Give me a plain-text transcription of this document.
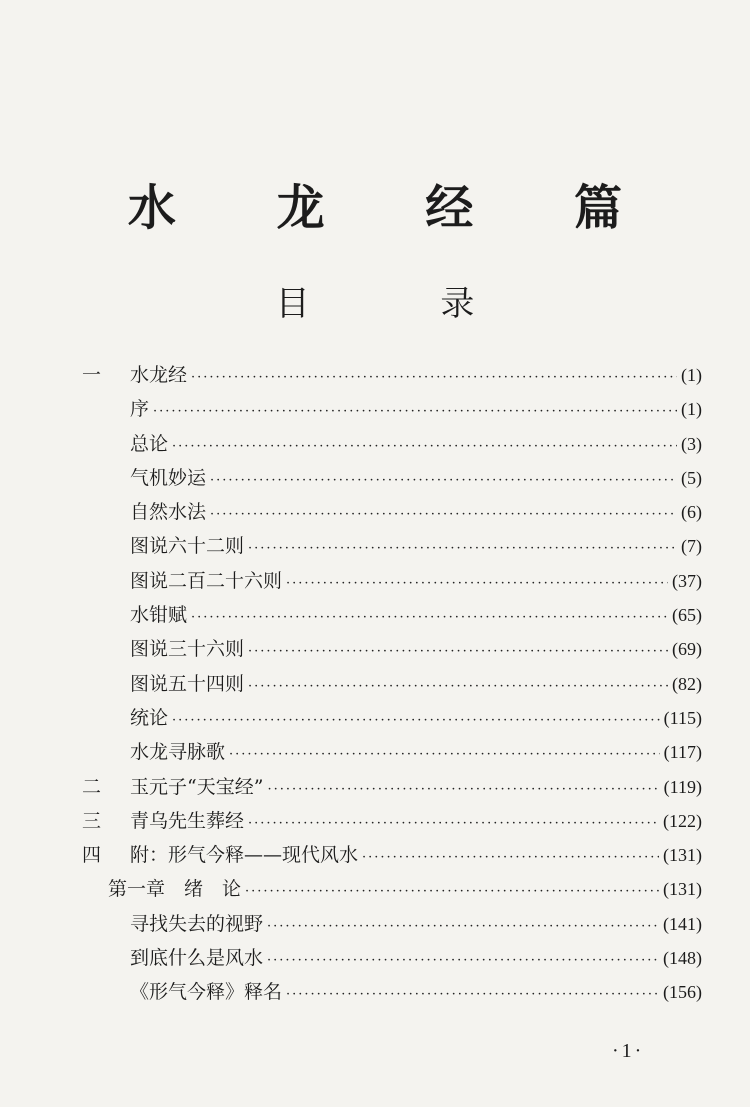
水 龙 经 篇
目 录
一	水龙经 ·····	(1)
序 ·····	(1)
总论 ·····	(3)
气机妙运 ·····	(5)
自然水法 ·····	(6)
图说六十二则 ·····	(7)
图说二百二十六则 ·····	(37)
水钳赋 ·····	(65)
图说三十六则 ·····	(69)
图说五十四则 ·····	(82)
统论 ·····	(115)
水龙寻脉歌 ·····	(117)
二	玉元子“天宝经” ·····	(119)
三	青乌先生葬经 ·····	(122)
四	附：形气今释——现代风水 ·····	(131)
第一章　绪　论 ·····	(131)
寻找失去的视野 ·····	(141)
到底什么是风水 ·····	(148)
《形气今释》释名 ·····	(156)
·1·
